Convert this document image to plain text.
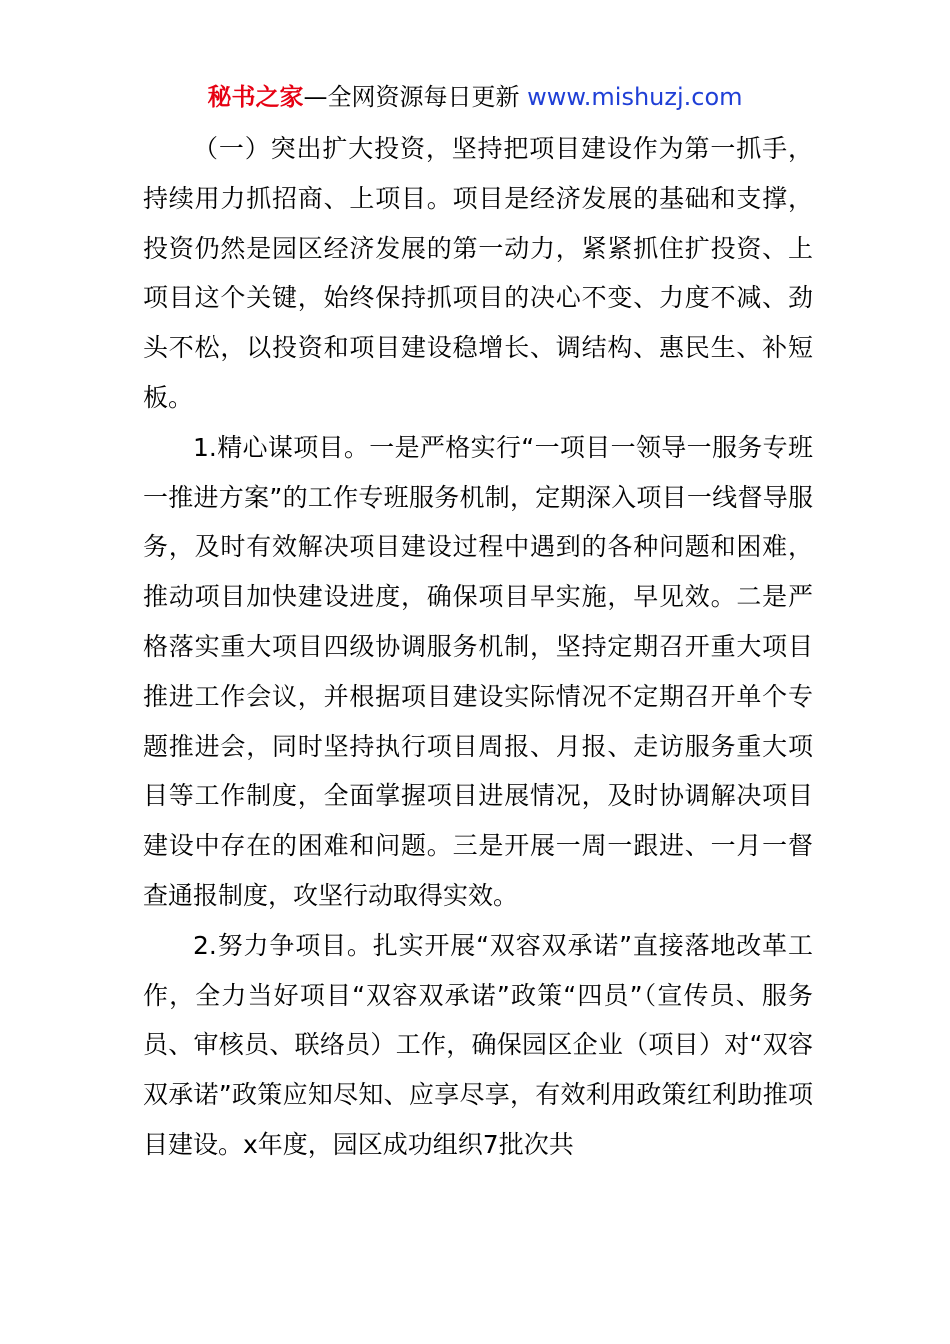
秘书之家—全网资源每日更新 www.mishuzj.com

（一）突出扩大投资，坚持把项目建设作为第一抓手，持续用力抓招商、上项目。项目是经济发展的基础和支撑，投资仍然是园区经济发展的第一动力，紧紧抓住扩投资、上项目这个关键，始终保持抓项目的决心不变、力度不减、劲头不松，以投资和项目建设稳增长、调结构、惠民生、补短板。

1.精心谋项目。一是严格实行“一项目一领导一服务专班一推进方案”的工作专班服务机制，定期深入项目一线督导服务，及时有效解决项目建设过程中遇到的各种问题和困难，推动项目加快建设进度，确保项目早实施，早见效。二是严格落实重大项目四级协调服务机制，坚持定期召开重大项目推进工作会议，并根据项目建设实际情况不定期召开单个专题推进会，同时坚持执行项目周报、月报、走访服务重大项目等工作制度，全面掌握项目进展情况，及时协调解决项目建设中存在的困难和问题。三是开展一周一跟进、一月一督查通报制度，攻坚行动取得实效。

2.努力争项目。扎实开展“双容双承诺”直接落地改革工作，全力当好项目“双容双承诺”政策“四员”（宣传员、服务员、审核员、联络员）工作，确保园区企业（项目）对“双容双承诺”政策应知尽知、应享尽享，有效利用政策红利助推项目建设。x年度，园区成功组织7批次共
